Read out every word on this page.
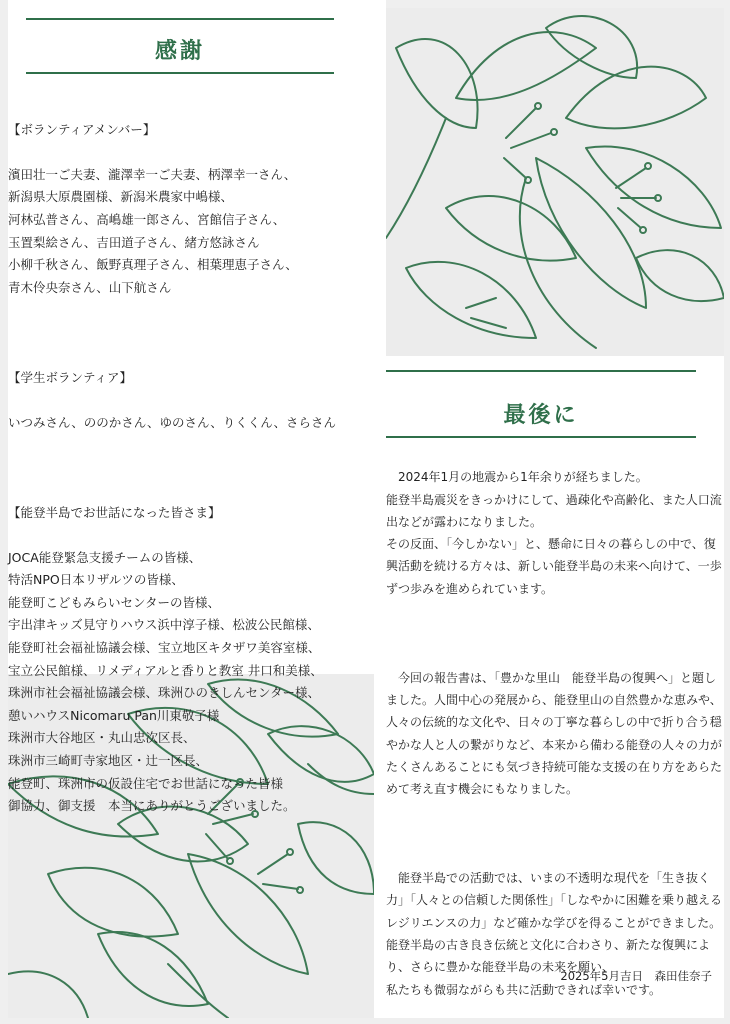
感謝

【ボランティアメンバー】

濱田壮一ご夫妻、瀧澤幸一ご夫妻、柄澤幸一さん、
新潟県大原農園様、新潟米農家中嶋様、
河林弘普さん、高嶋雄一郎さん、宮館信子さん、
玉置梨絵さん、吉田道子さん、緒方悠詠さん
小柳千秋さん、飯野真理子さん、相葉理恵子さん、
青木伶央奈さん、山下航さん

【学生ボランティア】

いつみさん、ののかさん、ゆのさん、りくくん、さらさん

【能登半島でお世話になった皆さま】

JOCA能登緊急支援チームの皆様、
特活NPO日本リザルツの皆様、
能登町こどもみらいセンターの皆様、
宇出津キッズ見守りハウス浜中淳子様、松波公民館様、
能登町社会福祉協議会様、宝立地区キタザワ美容室様、
宝立公民館様、リメディアルと香りと教室 井口和美様、
珠洲市社会福祉協議会様、珠洲ひのきしんセンター様、
憩いハウスNicomaru Pan川東敬子様
珠洲市大谷地区・丸山忠次区長、
珠洲市三崎町寺家地区・辻一区長、
能登町、珠洲市の仮設住宅でお世話になった皆様
御協力、御支援　本当にありがとうございました。

最後に

　2024年1月の地震から1年余りが経ちました。
能登半島震災をきっかけにして、過疎化や高齢化、また人口流出などが露わになりました。
その反面、「今しかない」と、懸命に日々の暮らしの中で、復興活動を続ける方々は、新しい能登半島の未来へ向けて、一歩ずつ歩みを進められています。

　今回の報告書は、「豊かな里山　能登半島の復興へ」と題しました。人間中心の発展から、能登里山の自然豊かな恵みや、人々の伝統的な文化や、日々の丁寧な暮らしの中で折り合う穏やかな人と人の繋がりなど、本来から備わる能登の人々の力がたくさんあることにも気づき持続可能な支援の在り方をあらためて考え直す機会にもなりました。

　能登半島での活動では、いまの不透明な現代を「生き抜く力」「人々との信頼した関係性」「しなやかに困難を乗り越えるレジリエンスの力」など確かな学びを得ることができました。
能登半島の古き良き伝統と文化に合わさり、新たな復興により、さらに豊かな能登半島の未来を願い、
私たちも微弱ながらも共に活動できれば幸いです。

2025年5月吉日　森田佳奈子
